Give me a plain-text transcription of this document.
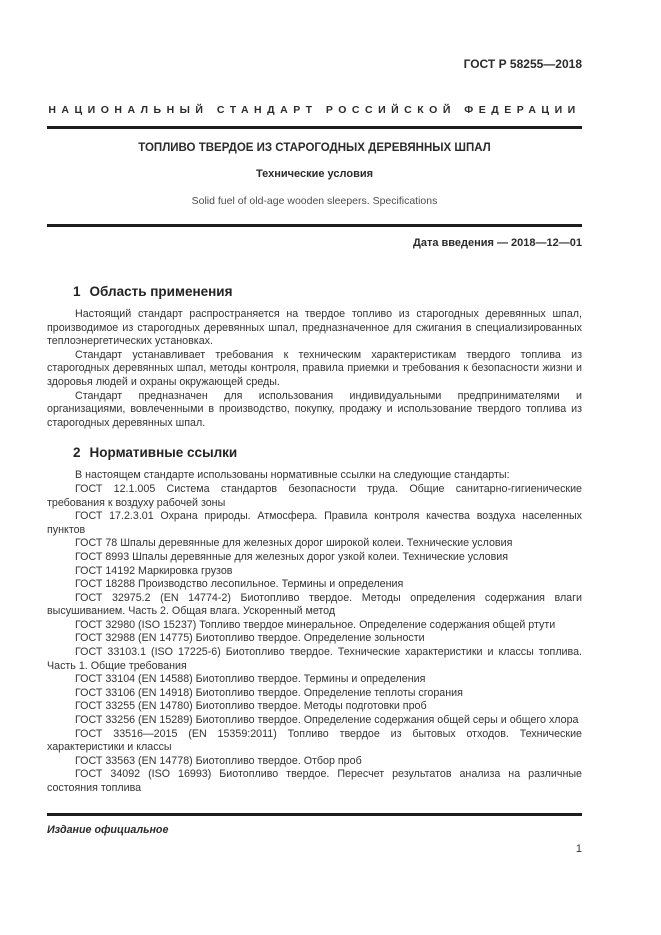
ГОСТ Р 58255—2018
НАЦИОНАЛЬНЫЙ СТАНДАРТ РОССИЙСКОЙ ФЕДЕРАЦИИ
ТОПЛИВО ТВЕРДОЕ ИЗ СТАРОГОДНЫХ ДЕРЕВЯННЫХ ШПАЛ
Технические условия
Solid fuel of old-age wooden sleepers. Specifications
Дата введения — 2018—12—01
1 Область применения

Настоящий стандарт распространяется на твердое топливо из старогодных деревянных шпал, производимое из старогодных деревянных шпал, предназначенное для сжигания в специализированных теплоэнергетических установках.

Стандарт устанавливает требования к техническим характеристикам твердого топлива из старогодных деревянных шпал, методы контроля, правила приемки и требования к безопасности жизни и здоровья людей и охраны окружающей среды.

Стандарт предназначен для использования индивидуальными предпринимателями и организациями, вовлеченными в производство, покупку, продажу и использование твердого топлива из старогодных деревянных шпал.

2 Нормативные ссылки

В настоящем стандарте использованы нормативные ссылки на следующие стандарты:

ГОСТ 12.1.005 Система стандартов безопасности труда. Общие санитарно-гигиенические требования к воздуху рабочей зоны

ГОСТ 17.2.3.01 Охрана природы. Атмосфера. Правила контроля качества воздуха населенных пунктов

ГОСТ 78 Шпалы деревянные для железных дорог широкой колеи. Технические условия

ГОСТ 8993 Шпалы деревянные для железных дорог узкой колеи. Технические условия

ГОСТ 14192 Маркировка грузов

ГОСТ 18288 Производство лесопильное. Термины и определения

ГОСТ 32975.2 (EN 14774-2) Биотопливо твердое. Методы определения содержания влаги высушиванием. Часть 2. Общая влага. Ускоренный метод

ГОСТ 32980 (ISO 15237) Топливо твердое минеральное. Определение содержания общей ртути

ГОСТ 32988 (EN 14775) Биотопливо твердое. Определение зольности

ГОСТ 33103.1 (ISO 17225-6) Биотопливо твердое. Технические характеристики и классы топлива. Часть 1. Общие требования

ГОСТ 33104 (EN 14588) Биотопливо твердое. Термины и определения

ГОСТ 33106 (EN 14918) Биотопливо твердое. Определение теплоты сгорания

ГОСТ 33255 (EN 14780) Биотопливо твердое. Методы подготовки проб

ГОСТ 33256 (EN 15289) Биотопливо твердое. Определение содержания общей серы и общего хлора

ГОСТ 33516—2015 (EN 15359:2011) Топливо твердое из бытовых отходов. Технические характеристики и классы

ГОСТ 33563 (EN 14778) Биотопливо твердое. Отбор проб

ГОСТ 34092 (ISO 16993) Биотопливо твердое. Пересчет результатов анализа на различные состояния топлива

Издание официальное
1
